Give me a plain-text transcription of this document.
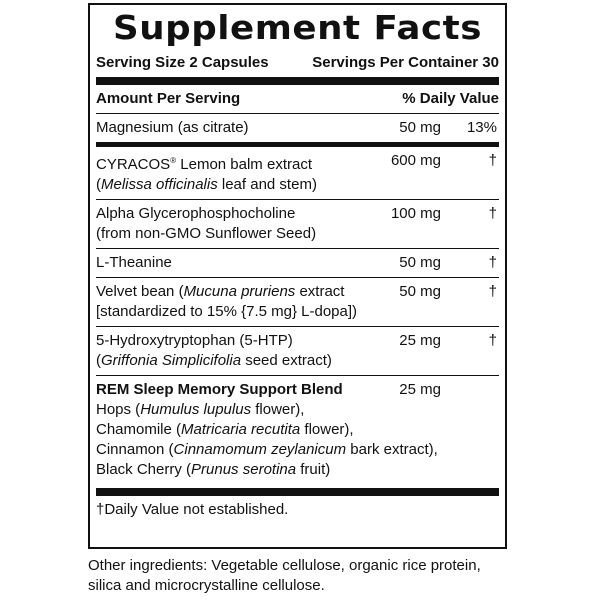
Supplement Facts
Serving Size 2 Capsules	Servings Per Container 30
Amount Per Serving	% Daily Value
Magnesium (as citrate)	50 mg 13%
CYRACOS® Lemon balm extract
(Melissa officinalis leaf and stem)
600 mg	†
Alpha Glycerophosphocholine
(from non-GMO Sunflower Seed)
100 mg	†
L-Theanine	50 mg	†
Velvet bean (Mucuna pruriens extract
[standardized to 15% {7.5 mg} L-dopa])
50 mg	†
5-Hydroxytryptophan (5-HTP)
(Griffonia Simplicifolia seed extract)
25 mg	†
REM Sleep Memory Support Blend	25 mg
Hops (Humulus lupulus flower),
Chamomile (Matricaria recutita flower),
Cinnamon (Cinnamomum zeylanicum bark extract),
Black Cherry (Prunus serotina fruit)
†Daily Value not established.
Other ingredients: Vegetable cellulose, organic rice protein,
silica and microcrystalline cellulose.
